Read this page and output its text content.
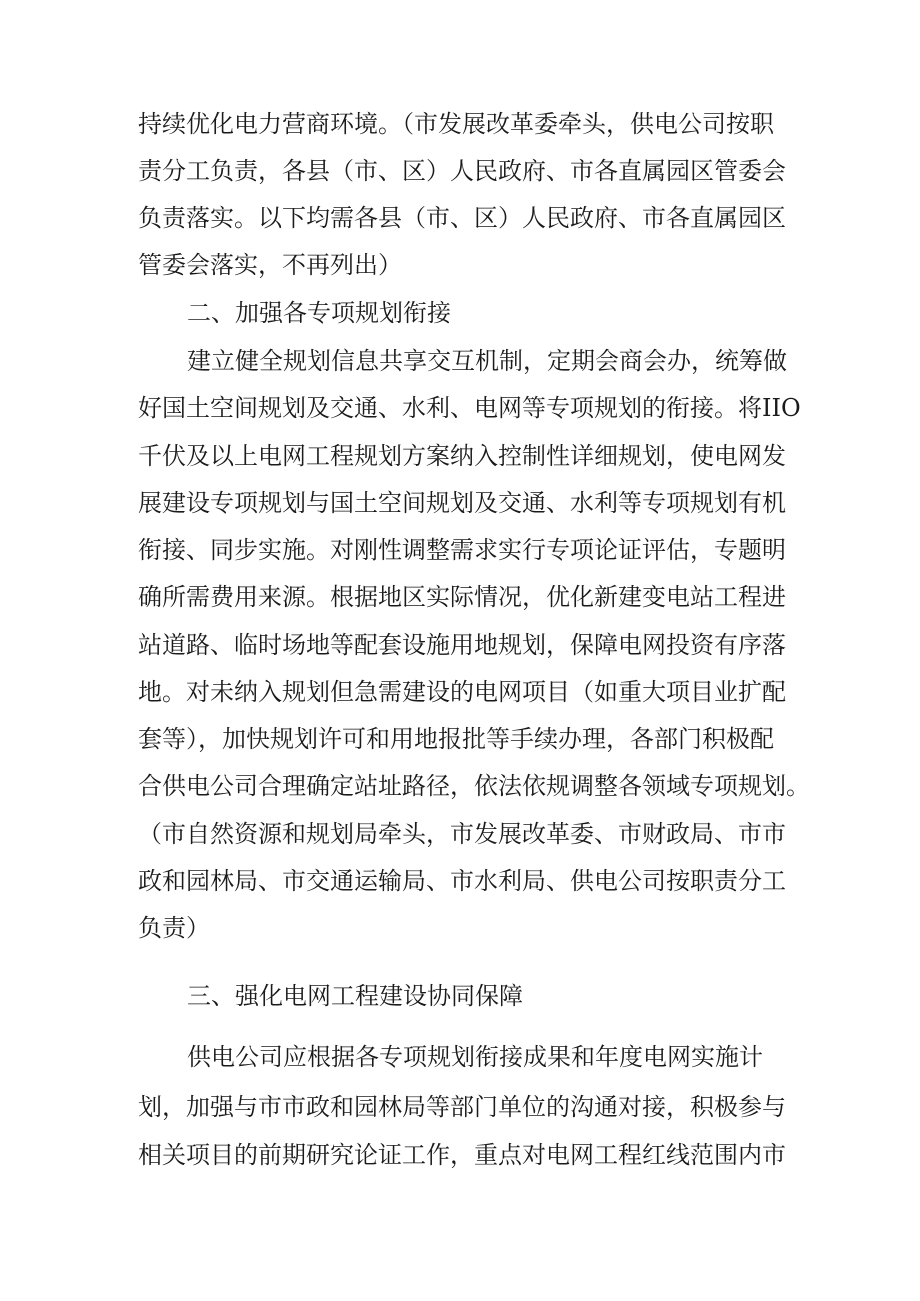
持续优化电力营商环境。（市发展改革委牵头，供电公司按职

责分工负责，各县（市、区）人民政府、市各直属园区管委会

负责落实。以下均需各县（市、区）人民政府、市各直属园区

管委会落实，不再列出）

二、加强各专项规划衔接

建立健全规划信息共享交互机制，定期会商会办，统筹做

好国土空间规划及交通、水利、电网等专项规划的衔接。将IIO

千伏及以上电网工程规划方案纳入控制性详细规划，使电网发

展建设专项规划与国土空间规划及交通、水利等专项规划有机

衔接、同步实施。对刚性调整需求实行专项论证评估，专题明

确所需费用来源。根据地区实际情况，优化新建变电站工程进

站道路、临时场地等配套设施用地规划，保障电网投资有序落

地。对未纳入规划但急需建设的电网项目（如重大项目业扩配

套等），加快规划许可和用地报批等手续办理，各部门积极配

合供电公司合理确定站址路径，依法依规调整各领域专项规划。

（市自然资源和规划局牵头，市发展改革委、市财政局、市市

政和园林局、市交通运输局、市水利局、供电公司按职责分工

负责）

三、强化电网工程建设协同保障

供电公司应根据各专项规划衔接成果和年度电网实施计

划，加强与市市政和园林局等部门单位的沟通对接，积极参与

相关项目的前期研究论证工作，重点对电网工程红线范围内市
